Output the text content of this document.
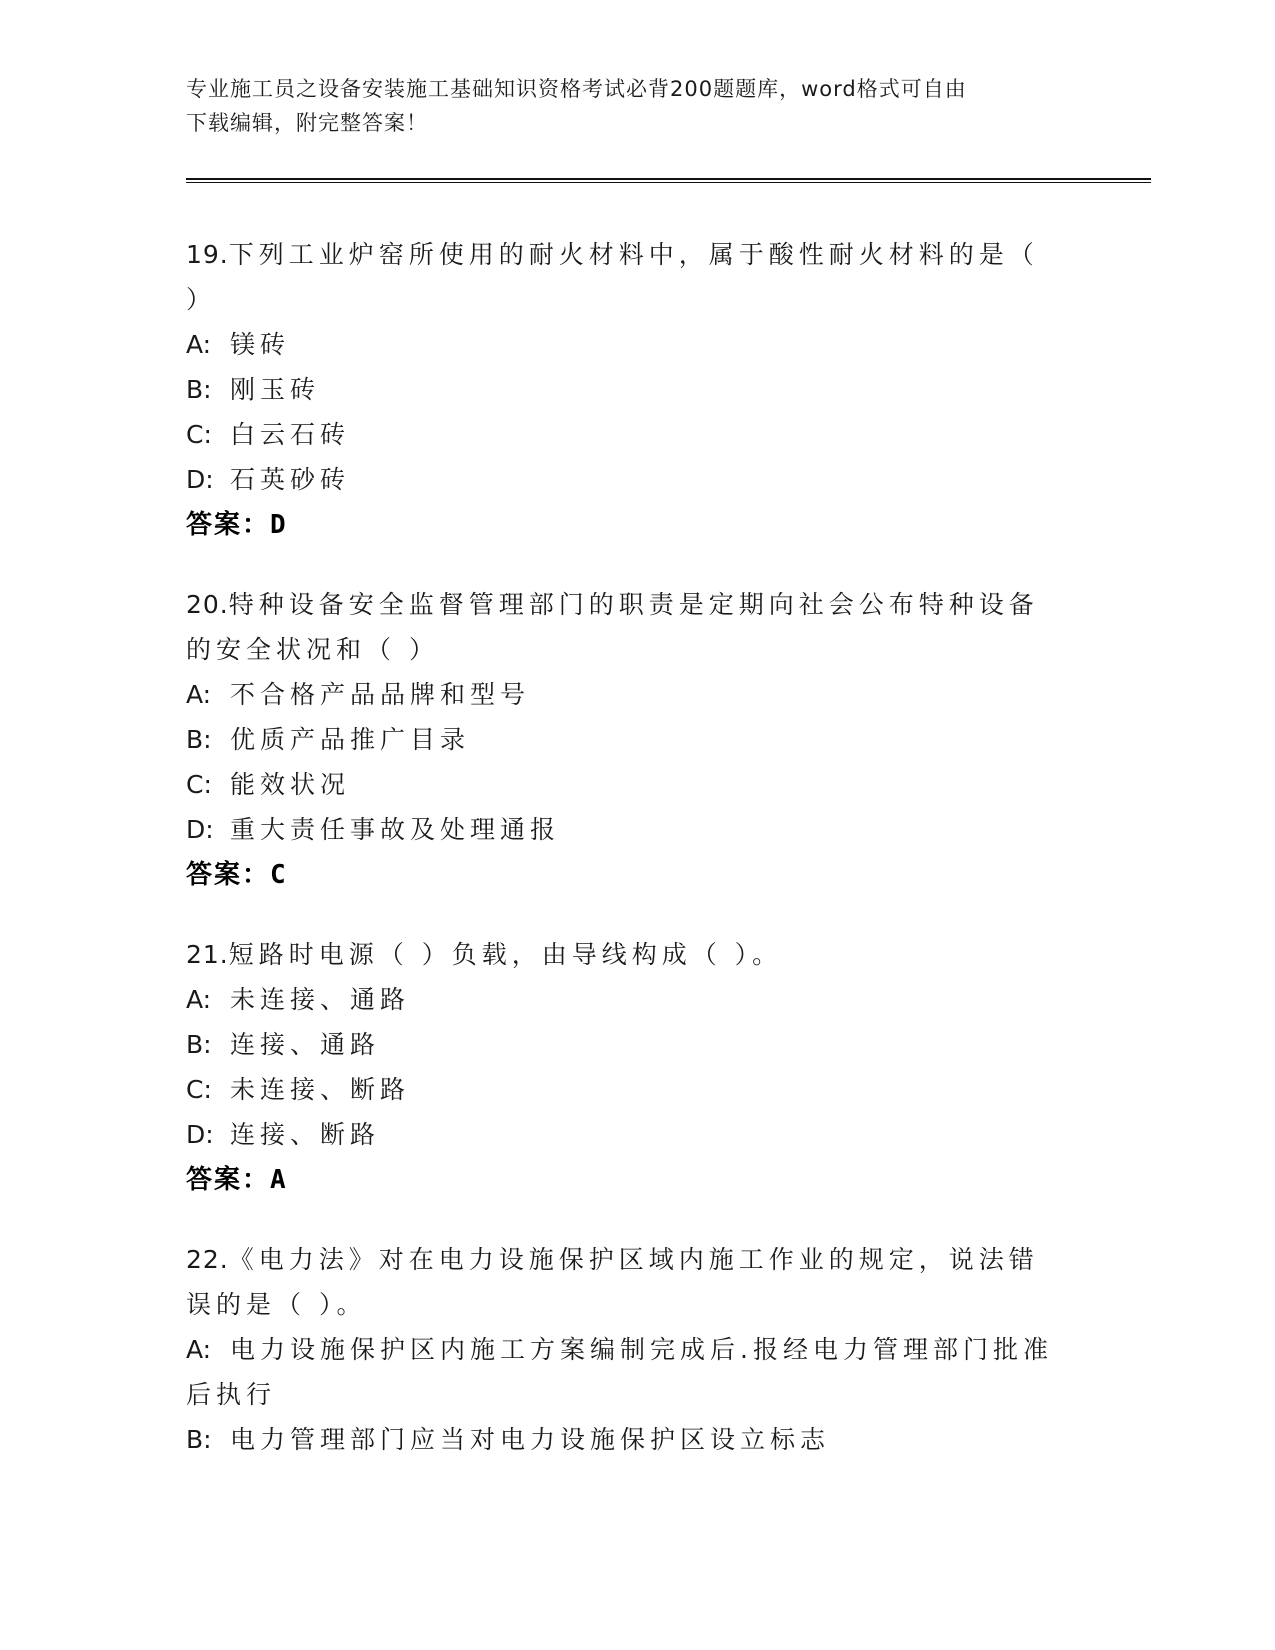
专业施工员之设备安装施工基础知识资格考试必背200题题库，word格式可自由
下载编辑，附完整答案！
19.下列工业炉窑所使用的耐火材料中，属于酸性耐火材料的是（ ）
A: 镁砖
B: 刚玉砖
C: 白云石砖
D: 石英砂砖
答案：D
20.特种设备安全监督管理部门的职责是定期向社会公布特种设备的安全状况和（ ）
A: 不合格产品品牌和型号
B: 优质产品推广目录
C: 能效状况
D: 重大责任事故及处理通报
答案：C
21.短路时电源（ ）负载，由导线构成（ ）。
A: 未连接、通路
B: 连接、通路
C: 未连接、断路
D: 连接、断路
答案：A
22.《电力法》对在电力设施保护区域内施工作业的规定，说法错误的是（ ）。
A: 电力设施保护区内施工方案编制完成后.报经电力管理部门批准后执行
B: 电力管理部门应当对电力设施保护区设立标志
